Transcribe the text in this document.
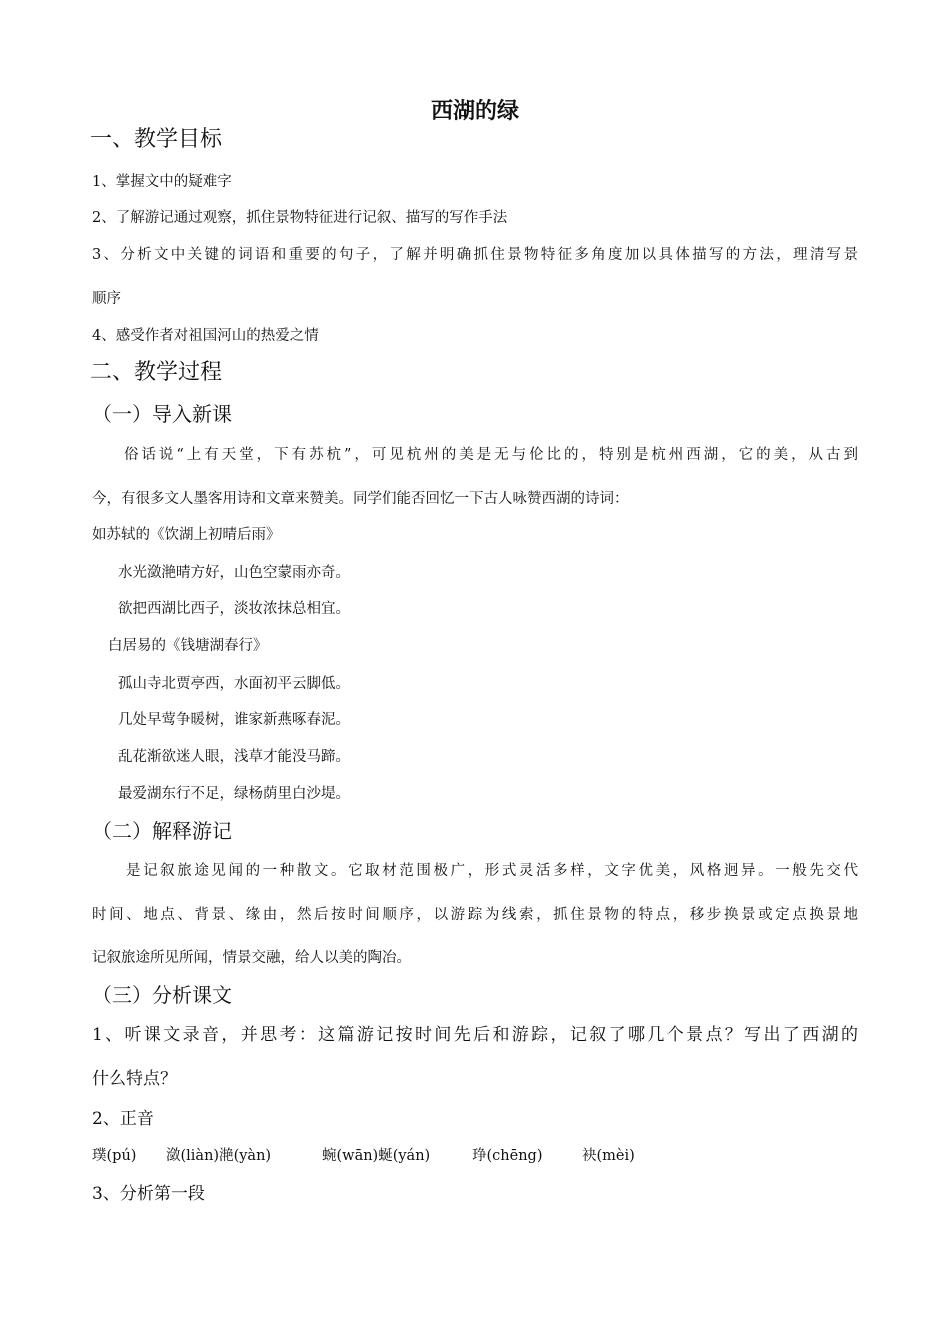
西湖的绿
一、教学目标
1、掌握文中的疑难字
2、了解游记通过观察，抓住景物特征进行记叙、描写的写作手法
3、分析文中关键的词语和重要的句子，了解并明确抓住景物特征多角度加以具体描写的方法，理清写景
顺序
4、感受作者对祖国河山的热爱之情
二、教学过程
（一）导入新课
俗话说“上有天堂，下有苏杭”，可见杭州的美是无与伦比的，特别是杭州西湖，它的美，从古到
今，有很多文人墨客用诗和文章来赞美。同学们能否回忆一下古人咏赞西湖的诗词：
如苏轼的《饮湖上初晴后雨》
水光潋滟晴方好，山色空蒙雨亦奇。
欲把西湖比西子，淡妆浓抹总相宜。
白居易的《钱塘湖春行》
孤山寺北贾亭西，水面初平云脚低。
几处早莺争暖树，谁家新燕啄春泥。
乱花渐欲迷人眼，浅草才能没马蹄。
最爱湖东行不足，绿杨荫里白沙堤。
（二）解释游记
是记叙旅途见闻的一种散文。它取材范围极广，形式灵活多样，文字优美，风格迥异。一般先交代
时间、地点、背景、缘由，然后按时间顺序，以游踪为线索，抓住景物的特点，移步换景或定点换景地
记叙旅途所见所闻，情景交融，给人以美的陶冶。
（三）分析课文
1、听课文录音，并思考：这篇游记按时间先后和游踪，记叙了哪几个景点？写出了西湖的
什么特点？
2、正音
璞(pú) 潋(liàn)滟(yàn)	蜿(wān)蜒(yán)	琤(chēng)	袂(mèi)
3、分析第一段
